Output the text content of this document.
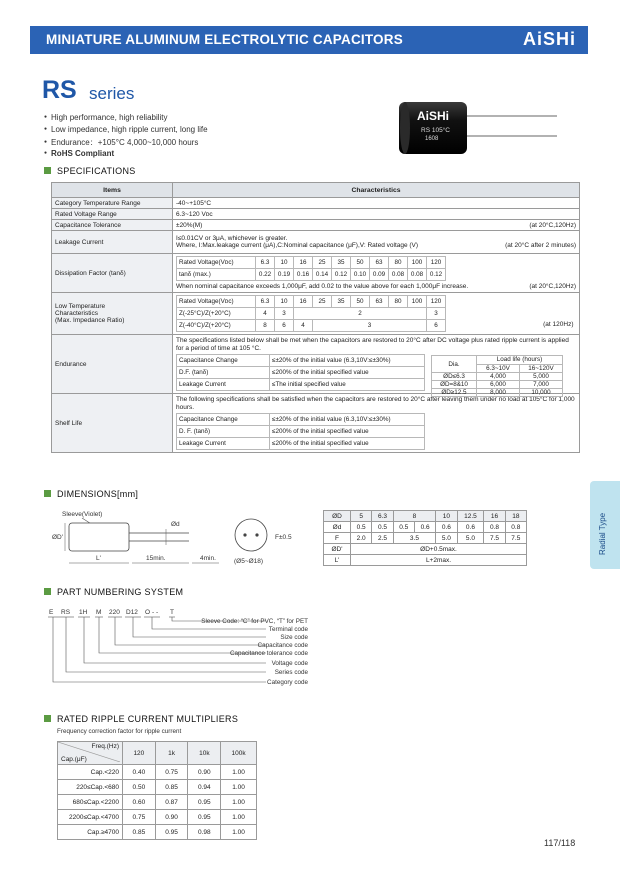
MINIATURE ALUMINUM ELECTROLYTIC CAPACITORS	AiSHi
RS series
● High performance, high reliability
● Low impedance, high ripple current, long life
● Endurance：+105°C 4,000~10,000 hours
● RoHS Compliant
AiSHi
RS 105°C
1608
SPECIFICATIONS
Items	Characteristics
Category Temperature Range	-40~+105°C
Rated Voltage Range	6.3~120 Vᴅᴄ
Capacitance Tolerance	±20%(M)	(at 20°C,120Hz)

Leakage Current	I≤0.01CV or 3μA, whichever is greater.
Where, I:Max.leakage current (μA),C:Nominal capacitance (μF),V: Rated voltage (V)	(at 20°C after 2 minutes)

Dissipation Factor (tanδ)	
Rated Voltage(Vᴅᴄ)	6.3	10	16	25	35	50	63	80	100	120
tanδ (max.)	0.22	0.19	0.16	0.14	0.12	0.10	0.09	0.08	0.08	0.12
When nominal capacitance exceeds 1,000μF, add 0.02 to the value above for each 1,000μF increase.	(at 20°C,120Hz)

Low Temperature
Characteristics
(Max. Impedance Ratio)

Rated Voltage(Vᴅᴄ)	6.3	10	16	25	35	50	63	80	100	120
Z(-25°C)/Z(+20°C)	4	3	2	3
Z(-40°C)/Z(+20°C)	8	6	4	3	6	(at 120Hz)

Endurance	
The specifications listed below shall be met when the capacitors are restored to 20°C after DC voltage plus rated ripple current is applied for a period of time at 105 °C.
Capacitance Change	≤±20% of the initial value (6.3,10V:≤±30%)
D.F. (tanδ)	≤200% of the initial specified value
Leakage Current	≤The initial specified value
Dia.	Load life (hours)
6.3~10V	16~120V
ØD≤6.3	4,000	5,000
ØD=8&10	6,000	7,000
ØD≥12.5	8,000	10,000

Shelf Life	
The following specifications shall be satisfied when the capacitors are restored to 20°C after leaving them under no load at 105°C for 1,000 hours.
Capacitance Change	≤±20% of the initial value (6.3,10V:≤±30%)
D. F. (tanδ)	≤200% of the initial specified value
Leakage Current	≤200% of the initial specified value
DIMENSIONS[mm]
Sleeve(Violet)
ØD'
Ød
L'	15min.	4min.
F±0.5
(Ø5~Ø18)
ØD	5	6.3	8		10	12.5	16	18
Ød	0.5	0.5	0.5	0.6	0.6	0.6	0.8	0.8
F	2.0	2.5	3.5		5.0	5.0	7.5	7.5
ØD'	ØD+0.5max.							
L'	L+2max.							
PART NUMBERING SYSTEM
E RS 1H M 220 D12 O - - T
Sleeve Code: “C” for PVC, “T” for PET
Terminal code
Size code
Capacitance code
Capacitance tolerance code
Voltage code
Series code
Category code
RATED RIPPLE CURRENT MULTIPLIERS
Frequency correction factor for ripple current
Freq.(Hz)
Cap.(μF)	120	1k	10k	100k
Cap.<220	0.40	0.75	0.90	1.00
220≤Cap.<680	0.50	0.85	0.94	1.00
680≤Cap.<2200	0.60	0.87	0.95	1.00
2200≤Cap.<4700	0.75	0.90	0.95	1.00
Cap.≥4700	0.85	0.95	0.98	1.00
Radial Type
117/118
